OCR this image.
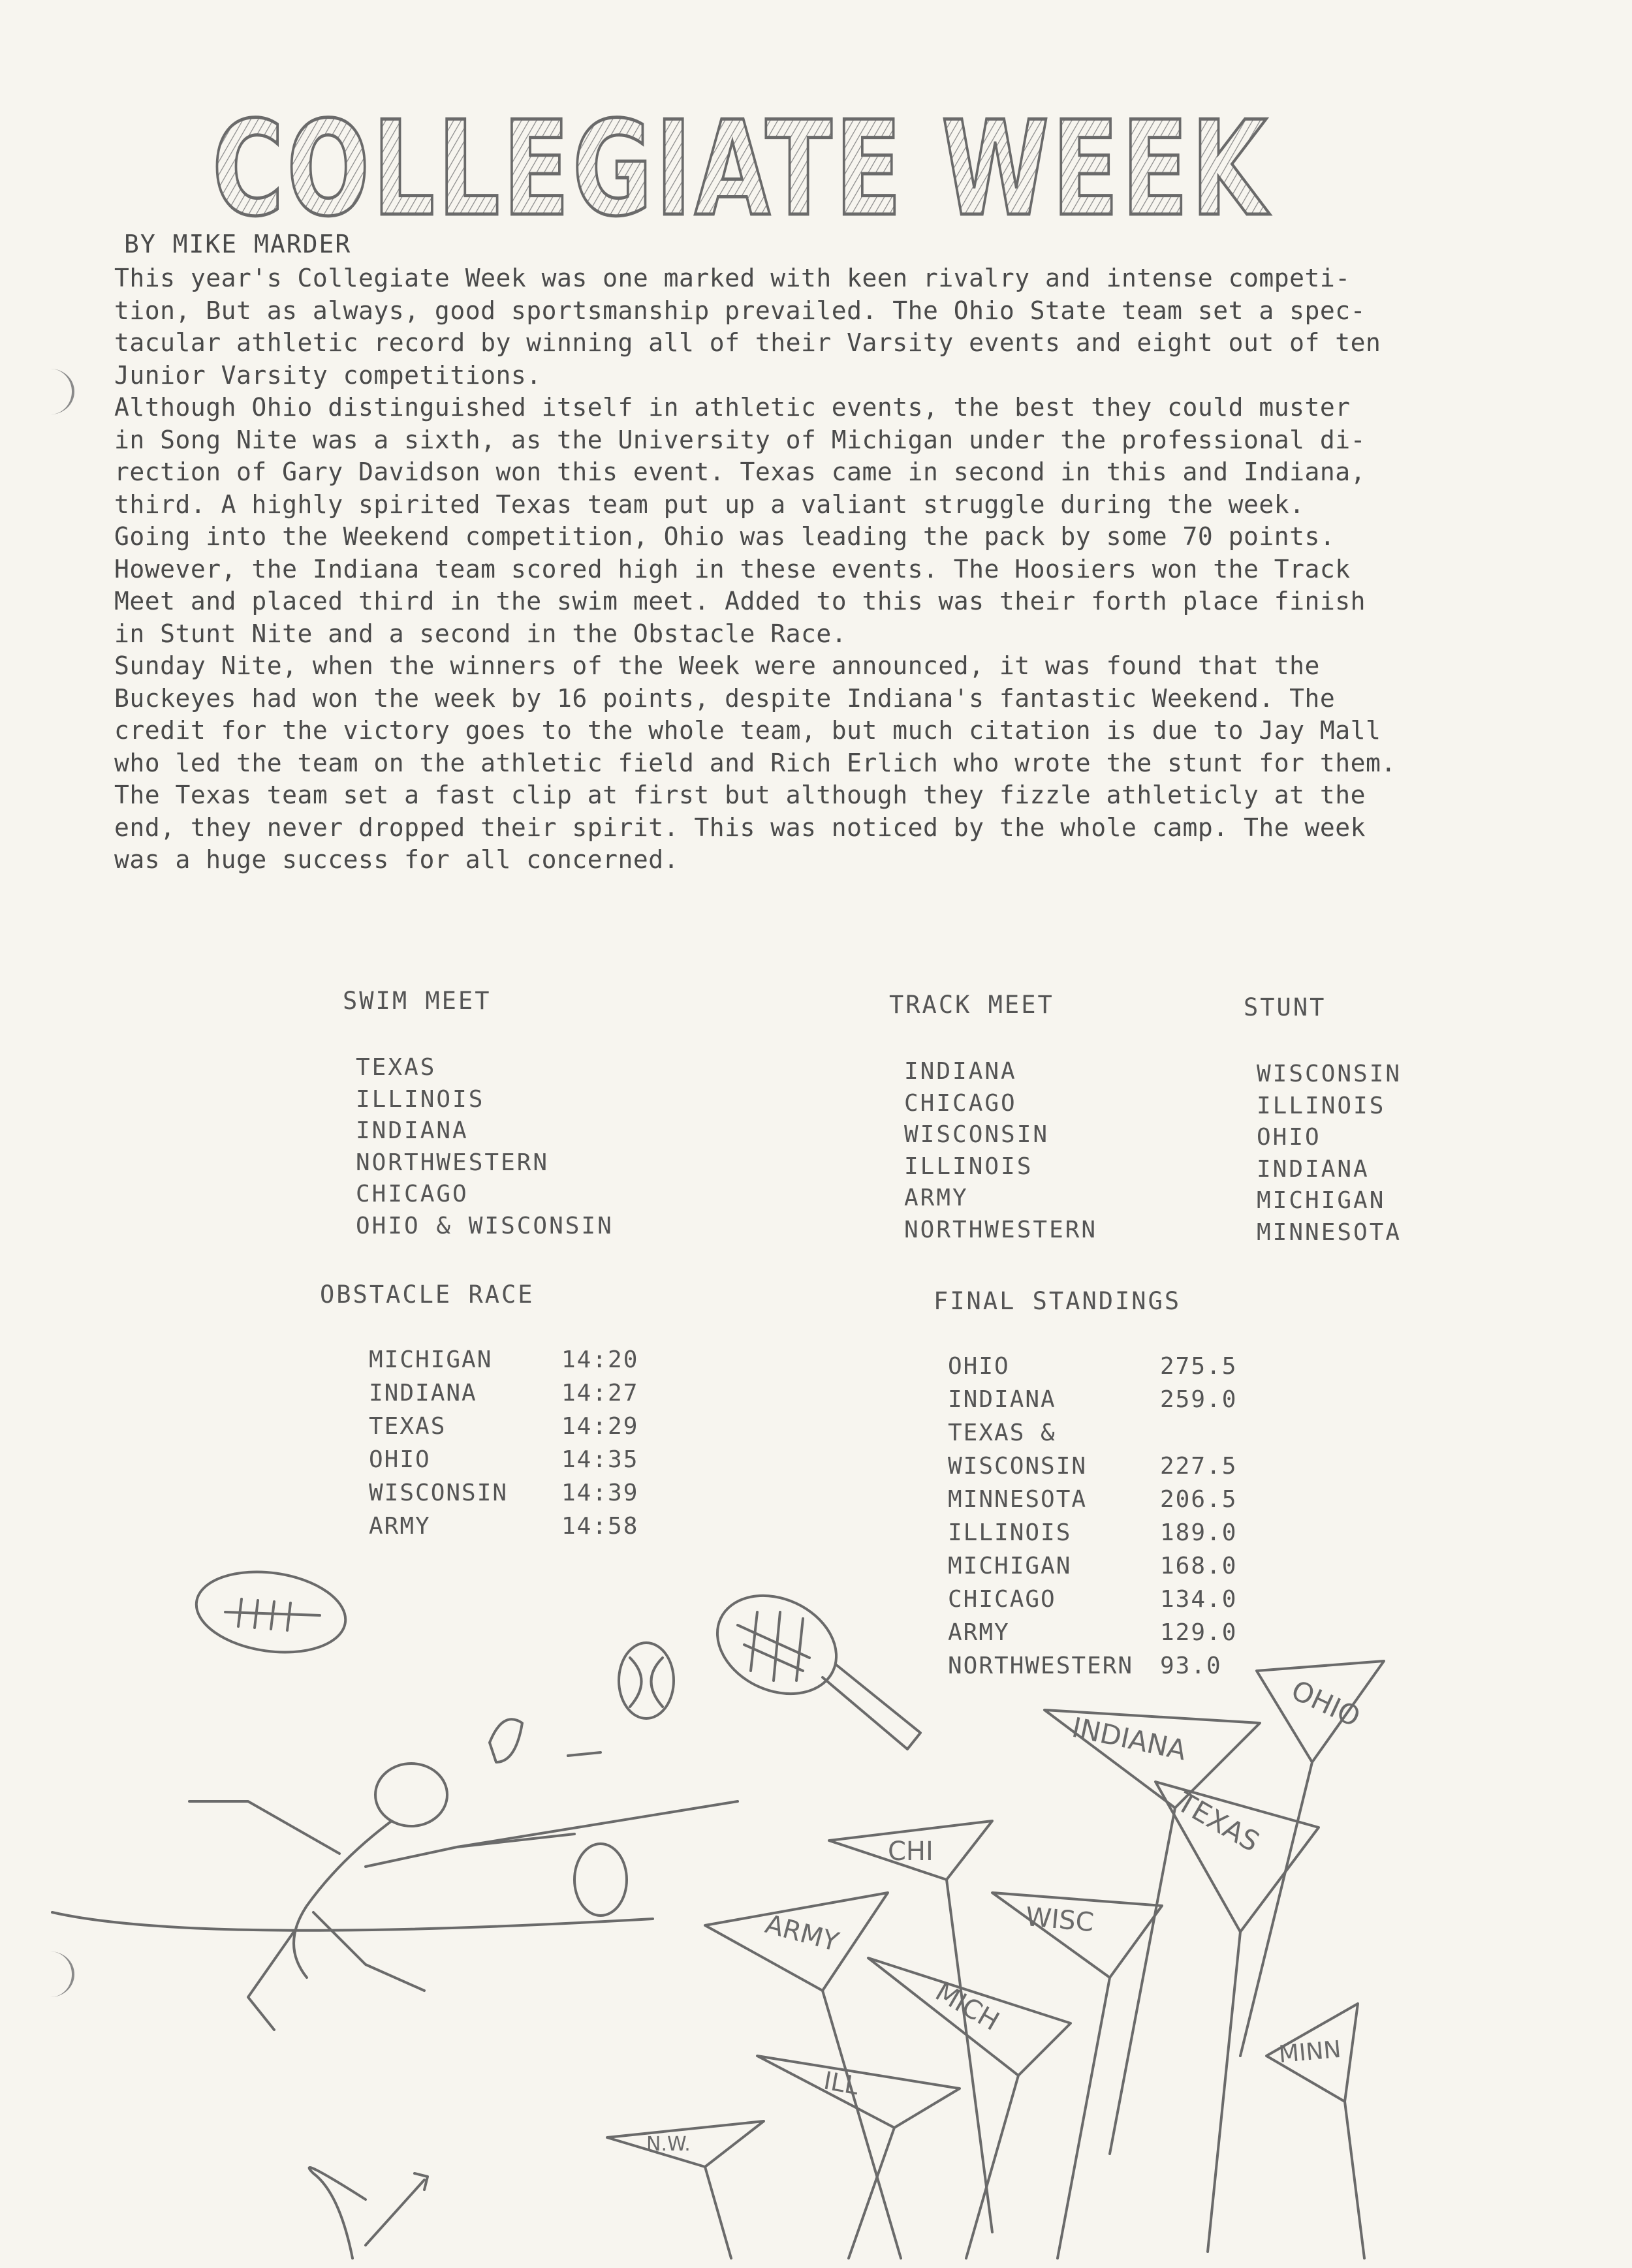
COLLEGIATE WEEK
BY MIKE MARDER

This year's Collegiate Week was one marked with keen rivalry and intense competi-
tion, But as always, good sportsmanship prevailed. The Ohio State team set a spec-
tacular athletic record by winning all of their Varsity events and eight out of ten
Junior Varsity competitions.

Although Ohio distinguished itself in athletic events, the best they could muster
in Song Nite was a sixth, as the University of Michigan under the professional di-
rection of Gary Davidson won this event. Texas came in second in this and Indiana,
third. A highly spirited Texas team put up a valiant struggle during the week.

Going into the Weekend competition, Ohio was leading the pack by some 70 points.
However, the Indiana team scored high in these events. The Hoosiers won the Track
Meet and placed third in the swim meet. Added to this was their forth place finish
in Stunt Nite and a second in the Obstacle Race.

Sunday Nite, when the winners of the Week were announced, it was found that the
Buckeyes had won the week by 16 points, despite Indiana's fantastic Weekend. The
credit for the victory goes to the whole team, but much citation is due to Jay Mall
who led the team on the athletic field and Rich Erlich who wrote the stunt for them.

The Texas team set a fast clip at first but although they fizzle athleticly at the
end, they never dropped their spirit. This was noticed by the whole camp. The week
was a huge success for all concerned.

SWIM MEET
TEXAS
ILLINOIS
INDIANA
NORTHWESTERN
CHICAGO
OHIO & WISCONSIN
TRACK MEET
INDIANA
CHICAGO
WISCONSIN
ILLINOIS
ARMY
NORTHWESTERN
STUNT
WISCONSIN
ILLINOIS
OHIO
INDIANA
MICHIGAN
MINNESOTA
OBSTACLE RACE
MICHIGAN	14:20
INDIANA	14:27
TEXAS	14:29
OHIO	14:35
WISCONSIN	14:39
ARMY	14:58
FINAL STANDINGS
OHIO	275.5
INDIANA	259.0
TEXAS &
WISCONSIN	227.5
MINNESOTA	206.5
ILLINOIS	189.0
MICHIGAN	168.0
CHICAGO	134.0
ARMY	129.0
NORTHWESTERN	93.0
OHIO
INDIANA
TEXAS
CHI
WISC
ARMY
MICH
MINN
ILL
N.W.
